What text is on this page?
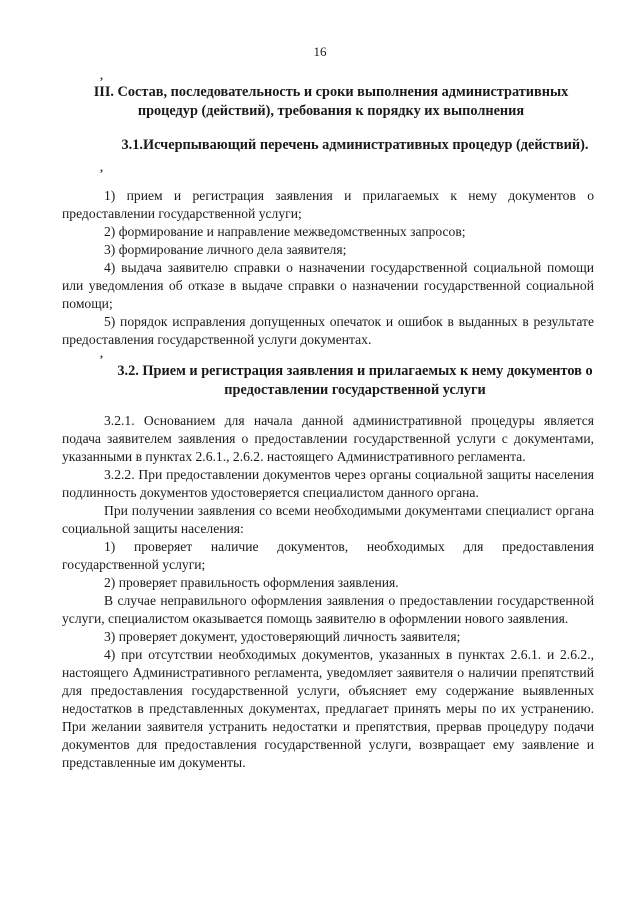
16
,
,
,
III. Состав, последовательность и сроки выполнения административных процедур (действий), требования к порядку их выполнения
3.1.Исчерпывающий перечень административных процедур (действий).

1) прием и регистрация заявления и прилагаемых к нему документов о предоставлении государственной услуги;

2) формирование и направление межведомственных запросов;

3) формирование личного дела заявителя;

4) выдача заявителю справки о назначении государственной социальной помощи или уведомления об отказе в выдаче справки о назначении государственной социальной помощи;

5) порядок исправления допущенных опечаток и ошибок в выданных в результате предоставления государственной услуги документах.

3.2. Прием и регистрация заявления и прилагаемых к нему документов о предоставлении государственной услуги

3.2.1. Основанием для начала данной административной процедуры является подача заявителем заявления о предоставлении государственной услуги с документами, указанными в пунктах 2.6.1., 2.6.2. настоящего Административного регламента.

3.2.2. При предоставлении документов через органы социальной защиты населения подлинность документов удостоверяется специалистом данного органа.

При получении заявления со всеми необходимыми документами специалист органа социальной защиты населения:

1) проверяет наличие документов, необходимых для предоставления государственной услуги;

2) проверяет правильность оформления заявления.

В случае неправильного оформления заявления о предоставлении государственной услуги, специалистом оказывается помощь заявителю в оформлении нового заявления.

3) проверяет документ, удостоверяющий личность заявителя;

4) при отсутствии необходимых документов, указанных в пунктах 2.6.1. и 2.6.2., настоящего Административного регламента, уведомляет заявителя о наличии препятствий для предоставления государственной услуги, объясняет ему содержание выявленных недостатков в представленных документах, предлагает принять меры по их устранению. При желании заявителя устранить недостатки и препятствия, прервав процедуру подачи документов для предоставления государственной услуги, возвращает ему заявление и представленные им документы.
